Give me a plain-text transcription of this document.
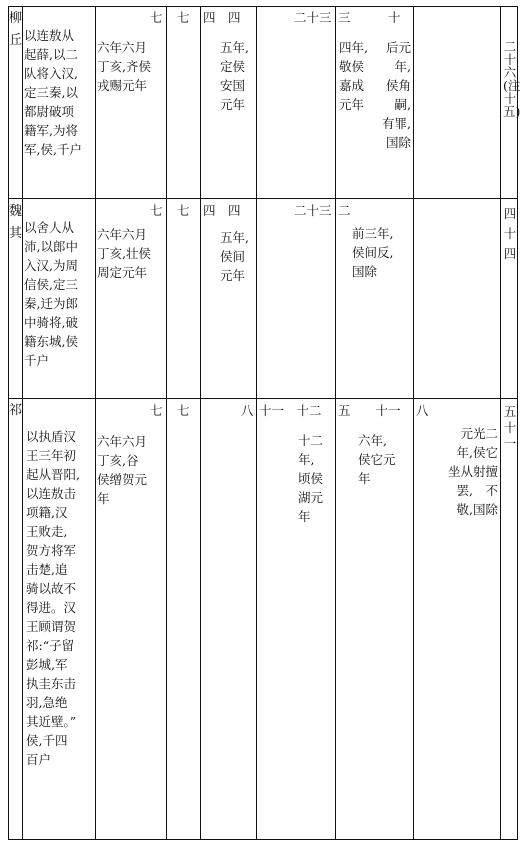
柳
丘 以连敖从
起薛,以二
队将入汉,
定三秦,以
都尉破项
籍军,为将
军,侯,千户
七
六年六月
丁亥,齐侯
戎赐元年
七 四　四
五年,
定侯
安国
元年
二十三 三　　　十
四年,
敬侯
嘉成
元年
后元
年,
侯角
嗣,
有罪,
国除
二
十
六
(注
十
五)
魏
其 以舍人从
沛,以郎中
入汉,为周
信侯,定三
秦,迁为郎
中骑将,破
籍东城,侯
千户
七
六年六月
丁亥,壮侯
周定元年
七 四　四
五年,
侯间
元年
二十三 二
前三年,
侯间反,
国除
四
十
四
祁
以执盾汉
王三年初
起从晋阳,
以连敖击
项籍,汉
王败走,
贺方将军
击楚,追
骑以故不
得进。汉
王顾谓贺
祁:“子留
彭城,军
执圭东击
羽,急绝
其近壁。”
侯,千四
百户
七
六年六月
丁亥,谷
侯缯贺元
年
七	八 十一　十二
十二
年,
顷侯
湖元
年
五　　十一
六年,
侯它元
年
八
元光二
年,侯它
坐从射擅
罢,　不
敬,国除
五
十
一
